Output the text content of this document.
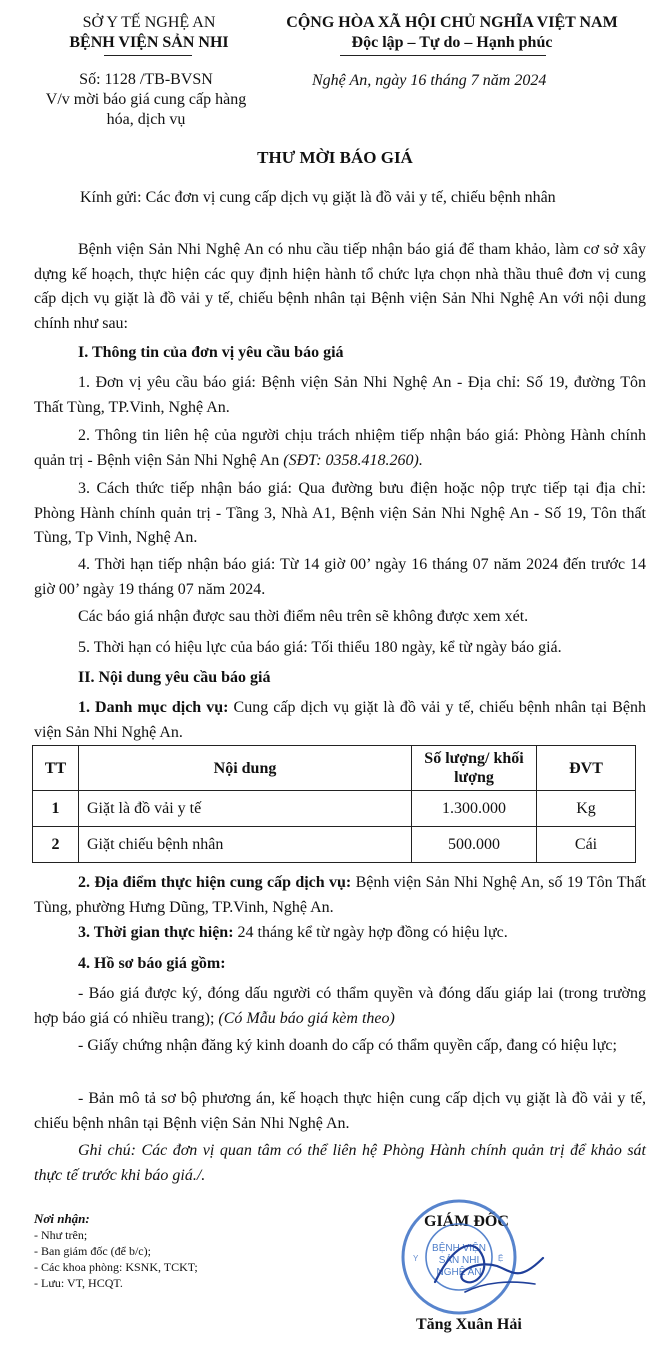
SỞ Y TẾ NGHỆ AN
BỆNH VIỆN SẢN NHI
Số: 1128 /TB-BVSN
V/v mời báo giá cung cấp hàng
hóa, dịch vụ
CỘNG HÒA XÃ HỘI CHỦ NGHĨA VIỆT NAM
Độc lập – Tự do – Hạnh phúc
Nghệ An, ngày 16 tháng 7 năm 2024
THƯ MỜI BÁO GIÁ
Kính gửi: Các đơn vị cung cấp dịch vụ giặt là đồ vải y tế, chiếu bệnh nhân
Bệnh viện Sản Nhi Nghệ An có nhu cầu tiếp nhận báo giá để tham khảo, làm cơ sở xây dựng kế hoạch, thực hiện các quy định hiện hành tổ chức lựa chọn nhà thầu thuê đơn vị cung cấp dịch vụ giặt là đồ vải y tế, chiếu bệnh nhân tại Bệnh viện Sản Nhi Nghệ An với nội dung chính như sau:
I. Thông tin của đơn vị yêu cầu báo giá
1. Đơn vị yêu cầu báo giá: Bệnh viện Sản Nhi Nghệ An - Địa chỉ: Số 19, đường Tôn Thất Tùng, TP.Vinh, Nghệ An.
2. Thông tin liên hệ của người chịu trách nhiệm tiếp nhận báo giá: Phòng Hành chính quản trị - Bệnh viện Sản Nhi Nghệ An (SĐT: 0358.418.260).
3. Cách thức tiếp nhận báo giá: Qua đường bưu điện hoặc nộp trực tiếp tại địa chỉ: Phòng Hành chính quản trị - Tầng 3, Nhà A1, Bệnh viện Sản Nhi Nghệ An - Số 19, Tôn thất Tùng, Tp Vinh, Nghệ An.
4. Thời hạn tiếp nhận báo giá: Từ 14 giờ 00’ ngày 16 tháng 07 năm 2024 đến trước 14 giờ 00’ ngày 19 tháng 07 năm 2024.
Các báo giá nhận được sau thời điểm nêu trên sẽ không được xem xét.
5. Thời hạn có hiệu lực của báo giá: Tối thiểu 180 ngày, kể từ ngày báo giá.
II. Nội dung yêu cầu báo giá
1. Danh mục dịch vụ: Cung cấp dịch vụ giặt là đồ vải y tế, chiếu bệnh nhân tại Bệnh viện Sản Nhi Nghệ An.
TT	Nội dung	Số lượng/ khối lượng	ĐVT
1	Giặt là đồ vải y tế	1.300.000	Kg
2	Giặt chiếu bệnh nhân	500.000	Cái
2. Địa điểm thực hiện cung cấp dịch vụ: Bệnh viện Sản Nhi Nghệ An, số 19 Tôn Thất Tùng, phường Hưng Dũng, TP.Vinh, Nghệ An.
3. Thời gian thực hiện: 24 tháng kể từ ngày hợp đồng có hiệu lực.
4. Hồ sơ báo giá gồm:
- Báo giá được ký, đóng dấu người có thẩm quyền và đóng dấu giáp lai (trong trường hợp báo giá có nhiều trang); (Có Mẫu báo giá kèm theo)
- Giấy chứng nhận đăng ký kinh doanh do cấp có thẩm quyền cấp, đang có hiệu lực;
- Bản mô tả sơ bộ phương án, kế hoạch thực hiện cung cấp dịch vụ giặt là đồ vải y tế, chiếu bệnh nhân tại Bệnh viện Sản Nhi Nghệ An.
Ghi chú: Các đơn vị quan tâm có thể liên hệ Phòng Hành chính quản trị để khảo sát thực tế trước khi báo giá./.
Nơi nhận:
- Như trên;
- Ban giám đốc (để b/c);
- Các khoa phòng: KSNK, TCKT;
- Lưu: VT, HCQT.
GIÁM ĐỐC
BỆNH VIỆN
SẢN NHI
NGHỆ AN
Y	Ệ
Tăng Xuân Hải
